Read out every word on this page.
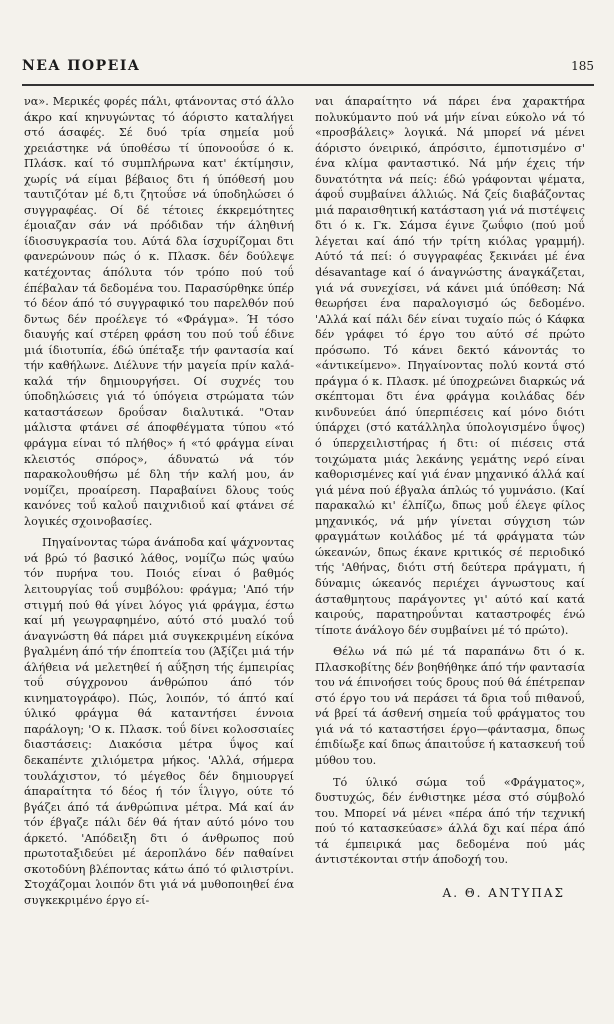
ΝΕΑ ΠΟΡΕΙΑ	185

να». Μερικές φορές πάλι, φτάνοντας στό άλλο άκρο καί κηνυγώντας τό άόριστο καταλήγει στό άσαφές. Σέ δυό τρία σημεία μοΰ χρειάστηκε νά ύποθέσω τί ύπονοοΰσε ό κ. Πλάσκ. καί τό συμπλήρωνα κατ' έκτίμησιν, χωρίς νά είμαι βέβαιος δτι ή ύπόθεσή μου ταυτιζόταν μέ δ,τι ζητοΰσε νά ύποδηλώσει ό συγγραφέας. Οί δέ τέτοιες έκκρεμότητες έμοιαζαν σάν νά πρόδιδαν τήν άληθινή ίδιοσυγκρασία του. Αύτά δλα ίσχυρίζομαι δτι φανερώνουν πώς ό κ. Πλασκ. δέν δούλεψε κατέχοντας άπόλυτα τόν τρόπο πού τοΰ έπέβαλαν τά δεδομένα του. Παρασύρθηκε ύπέρ τό δέον άπό τό συγγραφικό του παρελθόν πού δντως δέν προέλεγε τό «Φράγμα». Ή τόσο διαυγής καί στέρεη φράση του πού τοΰ έδινε μιά ίδιοτυπία, έδώ ύπέταξε τήν φαντασία καί τήν καθήλωνε. Διέλυνε τήν μαγεία πρίν καλά-καλά τήν δημιουργήσει. Οί συχνές του ύποδηλώσεις γιά τό ύπόγεια στρώματα τών καταστάσεων δροΰσαν διαλυτικά. "Οταν μάλιστα φτάνει σέ άποφθέγματα τύπου «τό φράγμα είναι τό πλήθος» ή «τό φράγμα είναι κλειστός σπόρος», άδυνατώ νά τόν παρακολουθήσω μέ δλη τήν καλή μου, άν νομίζει, προαίρεση. Παραβαίνει δλους τούς κανόνες τοΰ καλοΰ παιχνιδιοΰ καί φτάνει σέ λογικές σχοινοβασίες.

Πηγαίνοντας τώρα άνάποδα καί ψάχνοντας νά βρώ τό βασικό λάθος, νομίζω πώς ψαύω τόν πυρήνα του. Ποιός είναι ό βαθμός λειτουργίας τοΰ συμβόλου: φράγμα; 'Από τήν στιγμή πού θά γίνει λόγος γιά φράγμα, έστω καί μή γεωγραφημένο, αύτό στό μυαλό τοΰ άναγνώστη θά πάρει μιά συγκεκριμένη είκόνα βγαλμένη άπό τήν έποπτεία του (Άξίζει μιά τήν άλήθεια νά μελετηθεί ή αΰξηση τής έμπειρίας τοΰ σύγχρονου άνθρώπου άπό τόν κινηματογράφο). Πώς, λοιπόν, τό άπτό καί ύλικό φράγμα θά καταντήσει έννοια παράλογη; 'Ο κ. Πλασκ. τοΰ δίνει κολοσσιαίες διαστάσεις: Διακόσια μέτρα ΰψος καί δεκαπέντε χιλιόμετρα μήκος. 'Αλλά, σήμερα τουλάχιστον, τό μέγεθος δέν δημιουργεί άπαραίτητα τό δέος ή τόν ΐλιγγο, ούτε τό βγάζει άπό τά άνθρώπινα μέτρα. Μά καί άν τόν έβγαζε πάλι δέν θά ήταν αύτό μόνο του άρκετό. 'Απόδειξη δτι ό άνθρωπος πού πρωτοταξιδεύει μέ άεροπλάνο δέν παθαίνει σκοτοδύνη βλέποντας κάτω άπό τό φιλιστρίνι. Στοχάζομαι λοιπόν δτι γιά νά μυθοποιηθεί ένα συγκεκριμένο έργο εί-

ναι άπαραίτητο νά πάρει ένα χαρακτήρα πολυκύμαντο πού νά μήν είναι εύκολο νά τό «προσβάλεις» λογικά. Νά μπορεί νά μένει άόριστο όνειρικό, άπρόσιτο, έμποτισμένο σ' ένα κλίμα φανταστικό. Νά μήν έχεις τήν δυνατότητα νά πείς: έδώ γράφονται ψέματα, άφοΰ συμβαίνει άλλιώς. Νά ζείς διαβάζοντας μιά παραισθητική κατάσταση γιά νά πιστέψεις δτι ό κ. Γκ. Σάμσα έγινε ζωΰφιο (πού μοΰ λέγεται καί άπό τήν τρίτη κιόλας γραμμή). Αύτό τά πεί: ό συγγραφέας ξεκινάει μέ ένα désavantage καί ό άναγνώστης άναγκάζεται, γιά νά συνεχίσει, νά κάνει μιά ύπόθεση: Νά θεωρήσει ένα παραλογισμό ώς δεδομένο. 'Αλλά καί πάλι δέν είναι τυχαίο πώς ό Κάφκα δέν γράφει τό έργο του αύτό σέ πρώτο πρόσωπο. Τό κάνει δεκτό κάνοντάς το «άντικείμενο». Πηγαίνοντας πολύ κοντά στό πράγμα ό κ. Πλασκ. μέ ύποχρεώνει διαρκώς νά σκέπτομαι δτι ένα φράγμα κοιλάδας δέν κινδυνεύει άπό ύπερπιέσεις καί μόνο διότι ύπάρχει (στό κατάλληλα ύπολογισμένο ΰψος) ό ύπερχειλιστήρας ή δτι: οί πιέσεις στά τοιχώματα μιάς λεκάνης γεμάτης νερό είναι καθορισμένες καί γιά έναν μηχανικό άλλά καί γιά μένα πού έβγαλα άπλώς τό γυμνάσιο. (Καί παρακαλώ κι' έλπίζω, δπως μοΰ έλεγε φίλος μηχανικός, νά μήν γίνεται σύγχιση τών φραγμάτων κοιλάδος μέ τά φράγματα τών ώκεανών, δπως έκανε κριτικός σέ περιοδικό τής 'Αθήνας, διότι στή δεύτερα πράγματι, ή δύναμις ώκεανός περιέχει άγνωστους καί άσταθμητους παράγοντες γι' αύτό καί κατά καιρούς, παρατηροΰνται καταστροφές ένώ τίποτε άνάλογο δέν συμβαίνει μέ τό πρώτο).

Θέλω νά πώ μέ τά παραπάνω δτι ό κ. Πλασκοβίτης δέν βοηθήθηκε άπό τήν φαντασία του νά έπινοήσει τούς δρους πού θά έπέτρεπαν στό έργο του νά περάσει τά δρια τοΰ πιθανοΰ, νά βρεί τά άσθενή σημεία τοΰ φράγματος του γιά νά τό καταστήσει έργο—φάντασμα, δπως έπιδίωξε καί δπως άπαιτοΰσε ή κατασκευή τοΰ μύθου του.

Τό ύλικό σώμα τοΰ «Φράγματος», δυστυχώς, δέν ένθιστηκε μέσα στό σύμβολό του. Μπορεί νά μένει «πέρα άπό τήν τεχνική πού τό κατασκεύασε» άλλά δχι καί πέρα άπό τά έμπειρικά μας δεδομένα πού μάς άντιστέκονται στήν άποδοχή του.

Α. Θ. ΑΝΤΥΠΑΣ
